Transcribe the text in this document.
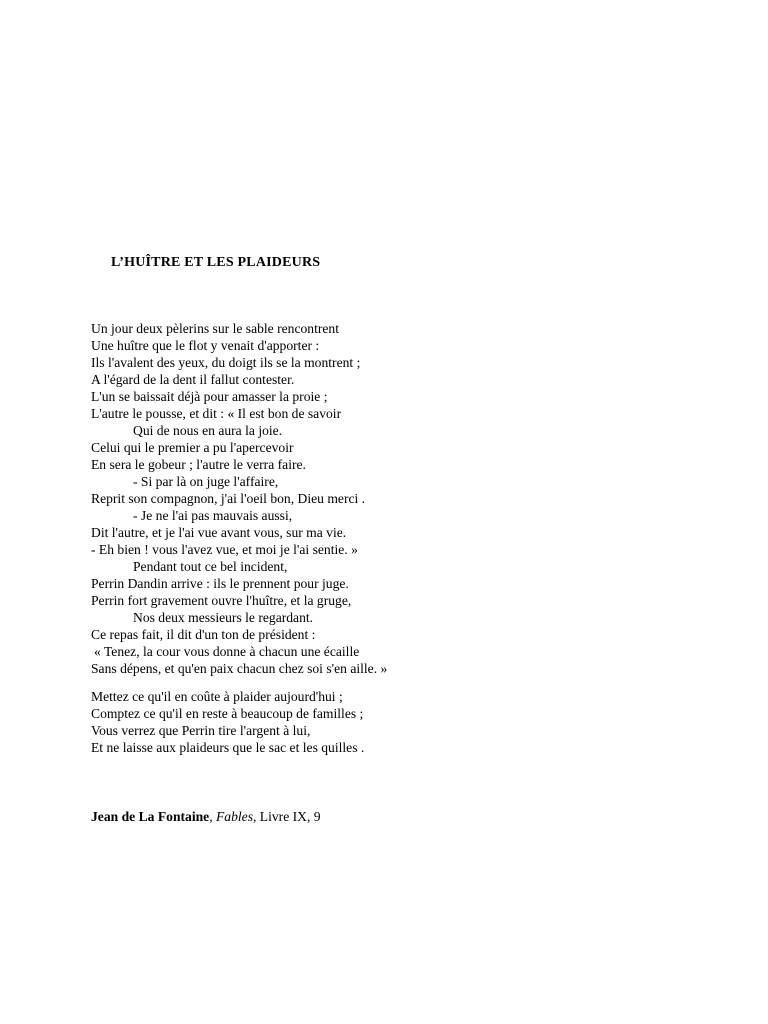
L’HUÎTRE ET LES PLAIDEURS
Un jour deux pèlerins sur le sable rencontrent
Une huître que le flot y venait d'apporter :
Ils l'avalent des yeux, du doigt ils se la montrent ;
A l'égard de la dent il fallut contester.
L'un se baissait déjà pour amasser la proie ;
L'autre le pousse, et dit : « Il est bon de savoir
Qui de nous en aura la joie.
Celui qui le premier a pu l'apercevoir
En sera le gobeur ; l'autre le verra faire.
- Si par là on juge l'affaire,
Reprit son compagnon, j'ai l'oeil bon, Dieu merci .
- Je ne l'ai pas mauvais aussi,
Dit l'autre, et je l'ai vue avant vous, sur ma vie.
- Eh bien ! vous l'avez vue, et moi je l'ai sentie. »
Pendant tout ce bel incident,
Perrin Dandin arrive : ils le prennent pour juge.
Perrin fort gravement ouvre l'huître, et la gruge,
Nos deux messieurs le regardant.
Ce repas fait, il dit d'un ton de président :
« Tenez, la cour vous donne à chacun une écaille
Sans dépens, et qu'en paix chacun chez soi s'en aille. »
Mettez ce qu'il en coûte à plaider aujourd'hui ;
Comptez ce qu'il en reste à beaucoup de familles ;
Vous verrez que Perrin tire l'argent à lui,
Et ne laisse aux plaideurs que le sac et les quilles .
Jean de La Fontaine, Fables, Livre IX, 9
